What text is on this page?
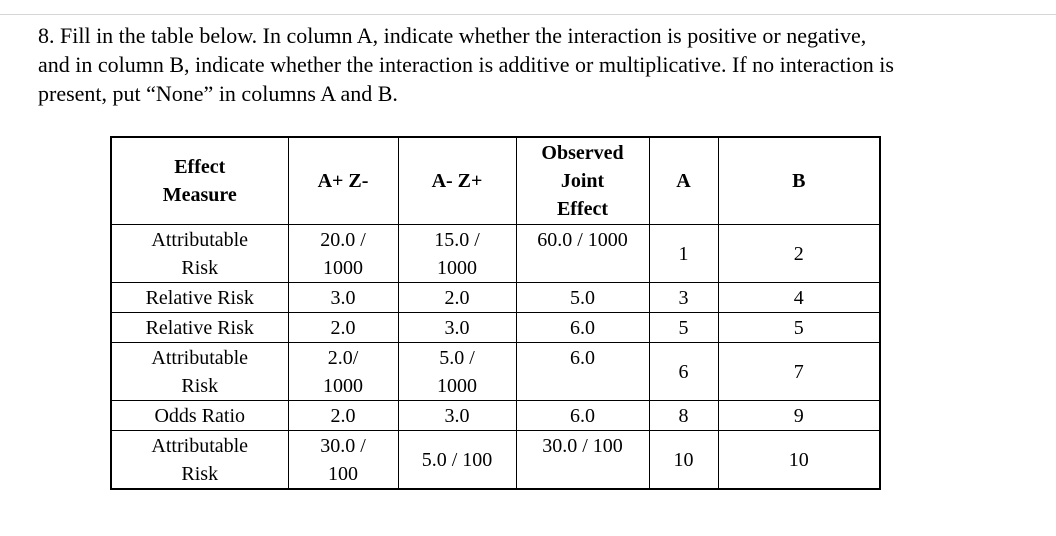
8. Fill in the table below. In column A, indicate whether the interaction is positive or negative,
and in column B, indicate whether the interaction is additive or multiplicative. If no interaction is
present, put “None” in columns A and B.
Effect Measure	A+ Z-	A- Z+	Observed Joint Effect	A	B
Attributable Risk	20.0 / 1000	15.0 / 1000	60.0 / 1000	1	2
Relative Risk	3.0	2.0	5.0	3	4
Relative Risk	2.0	3.0	6.0	5	5
Attributable Risk	2.0/ 1000	5.0 / 1000	6.0	6	7
Odds Ratio	2.0	3.0	6.0	8	9
Attributable Risk	30.0 / 100	5.0 / 100	30.0 / 100	10	10
